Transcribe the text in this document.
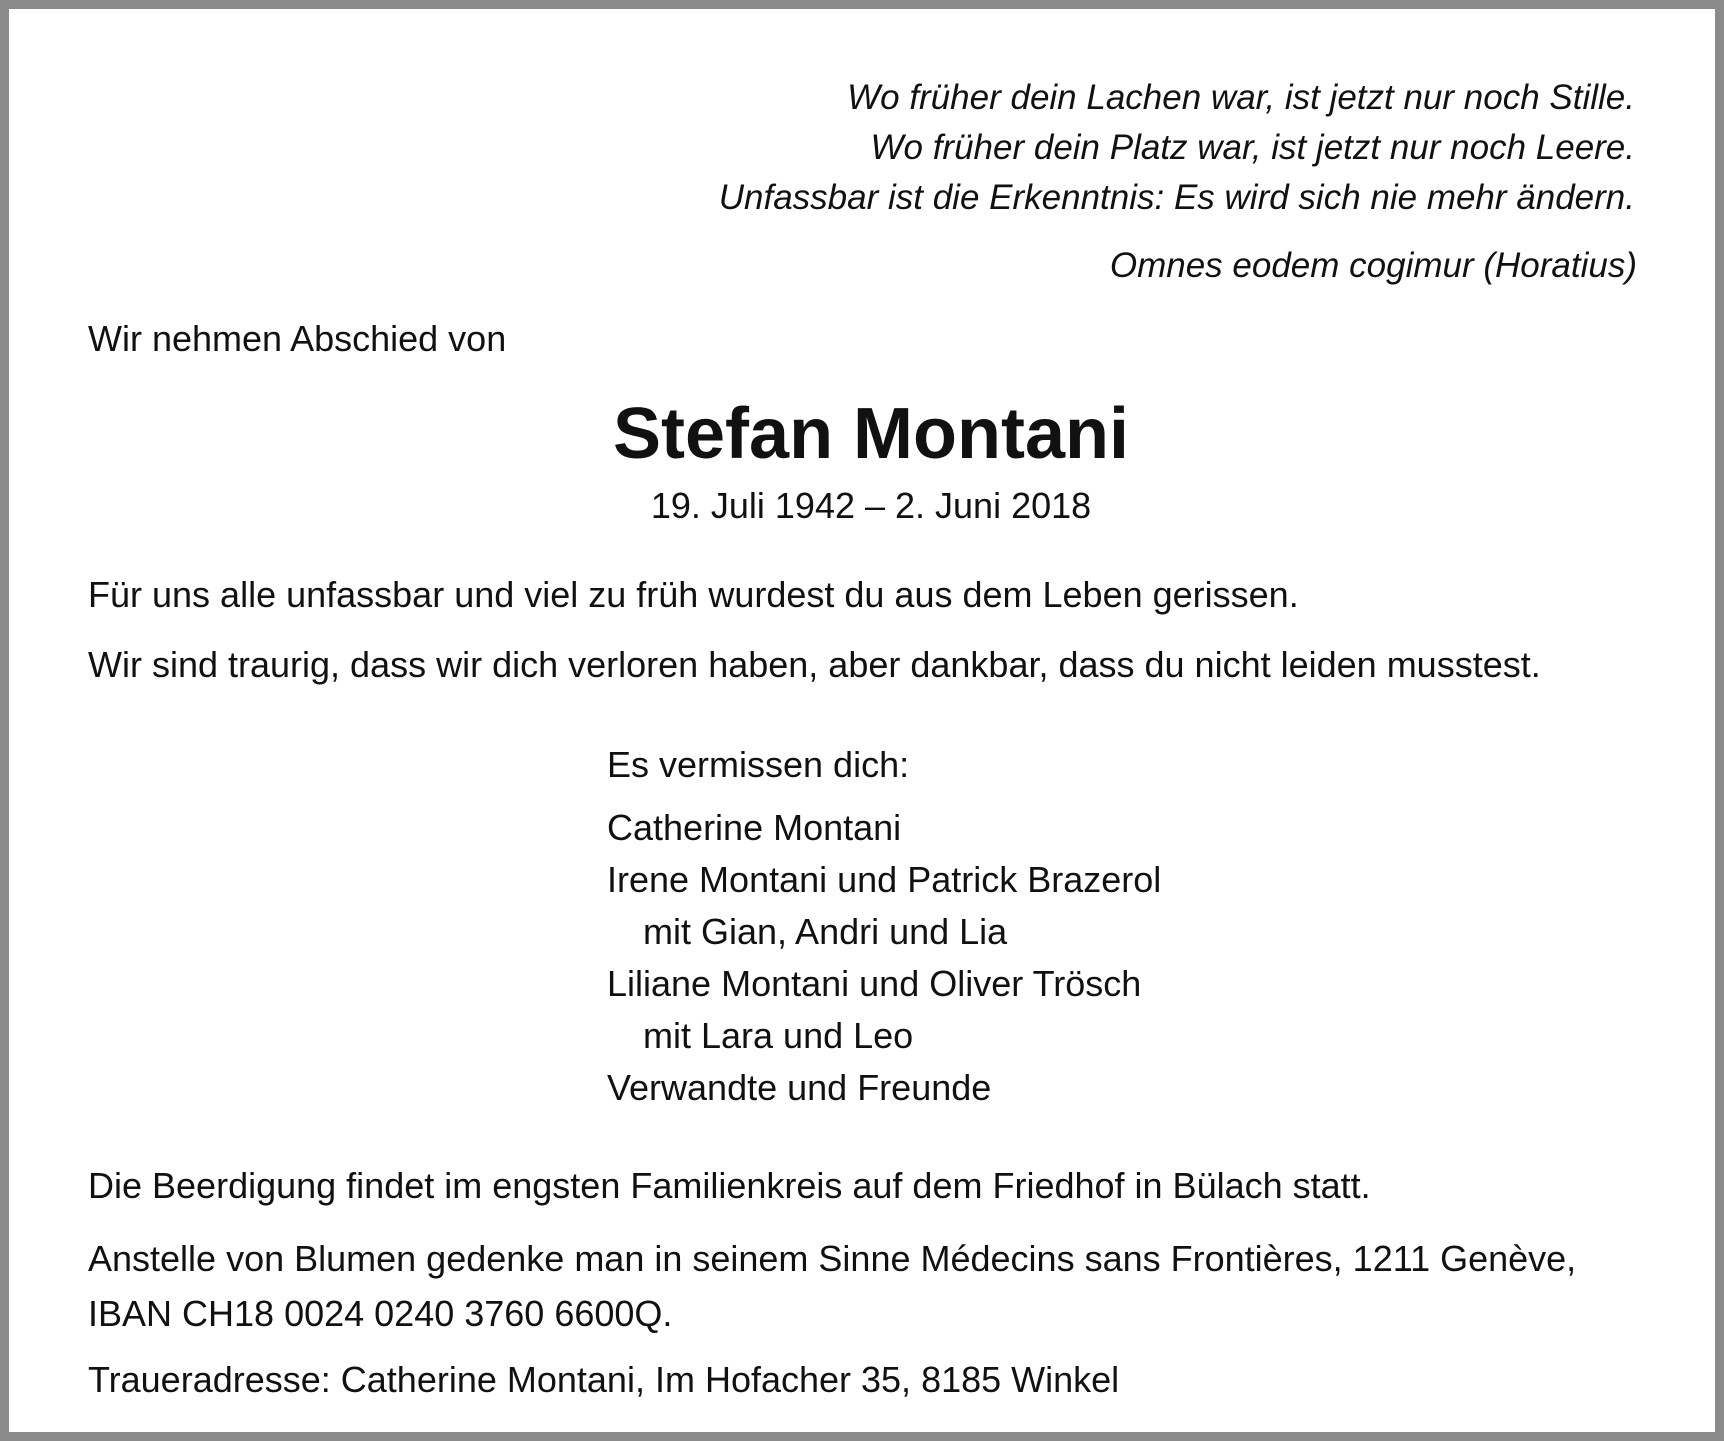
Wo früher dein Lachen war, ist jetzt nur noch Stille.
Wo früher dein Platz war, ist jetzt nur noch Leere.
Unfassbar ist die Erkenntnis: Es wird sich nie mehr ändern.
Omnes eodem cogimur (Horatius)
Wir nehmen Abschied von
Stefan Montani
19. Juli 1942 – 2. Juni 2018
Für uns alle unfassbar und viel zu früh wurdest du aus dem Leben gerissen.
Wir sind traurig, dass wir dich verloren haben, aber dankbar, dass du nicht leiden musstest.
Es vermissen dich:
Catherine Montani
Irene Montani und Patrick Brazerol
mit Gian, Andri und Lia
Liliane Montani und Oliver Trösch
mit Lara und Leo
Verwandte und Freunde
Die Beerdigung findet im engsten Familienkreis auf dem Friedhof in Bülach statt.
Anstelle von Blumen gedenke man in seinem Sinne Médecins sans Frontières, 1211 Genève,
IBAN CH18 0024 0240 3760 6600Q.
Traueradresse: Catherine Montani, Im Hofacher 35, 8185 Winkel
